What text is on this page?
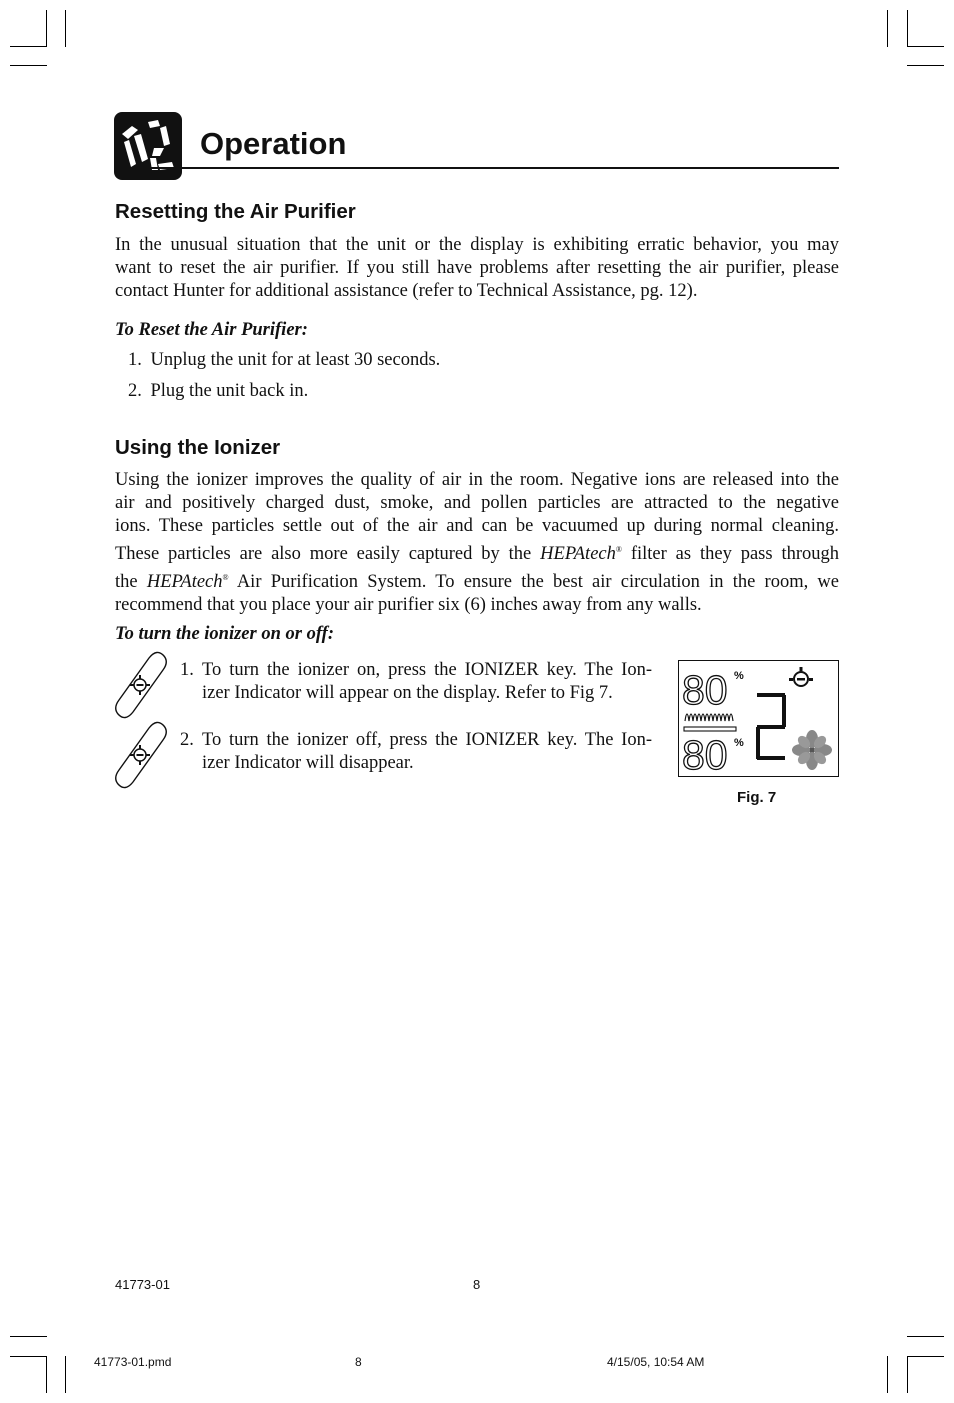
Operation
Resetting the Air Purifier
In the unusual situation that the unit or the display is exhibiting erratic behavior, you may
want to reset the air purifier. If you still have problems after resetting the air purifier, please
contact Hunter for additional assistance (refer to Technical Assistance, pg. 12).
To Reset the Air Purifier:
1. Unplug the unit for at least 30 seconds.
2. Plug the unit back in.
Using the Ionizer
Using the ionizer improves the quality of air in the room. Negative ions are released into the
air and positively charged dust, smoke, and pollen particles are attracted to the negative
ions. These particles settle out of the air and can be vacuumed up during normal cleaning.
These particles are also more easily captured by the HEPAtech® filter as they pass through
the HEPAtech® Air Purification System. To ensure the best air circulation in the room, we
recommend that you place your air purifier six (6) inches away from any walls.
To turn the ionizer on or off:
1. To turn the ionizer on, press the IONIZER key. The Ion-
izer Indicator will appear on the display. Refer to Fig 7.
2. To turn the ionizer off, press the IONIZER key. The Ion-
izer Indicator will disappear.
80 %
80 %
Fig. 7
41773-01	8
41773-01.pmd	8	4/15/05, 10:54 AM
